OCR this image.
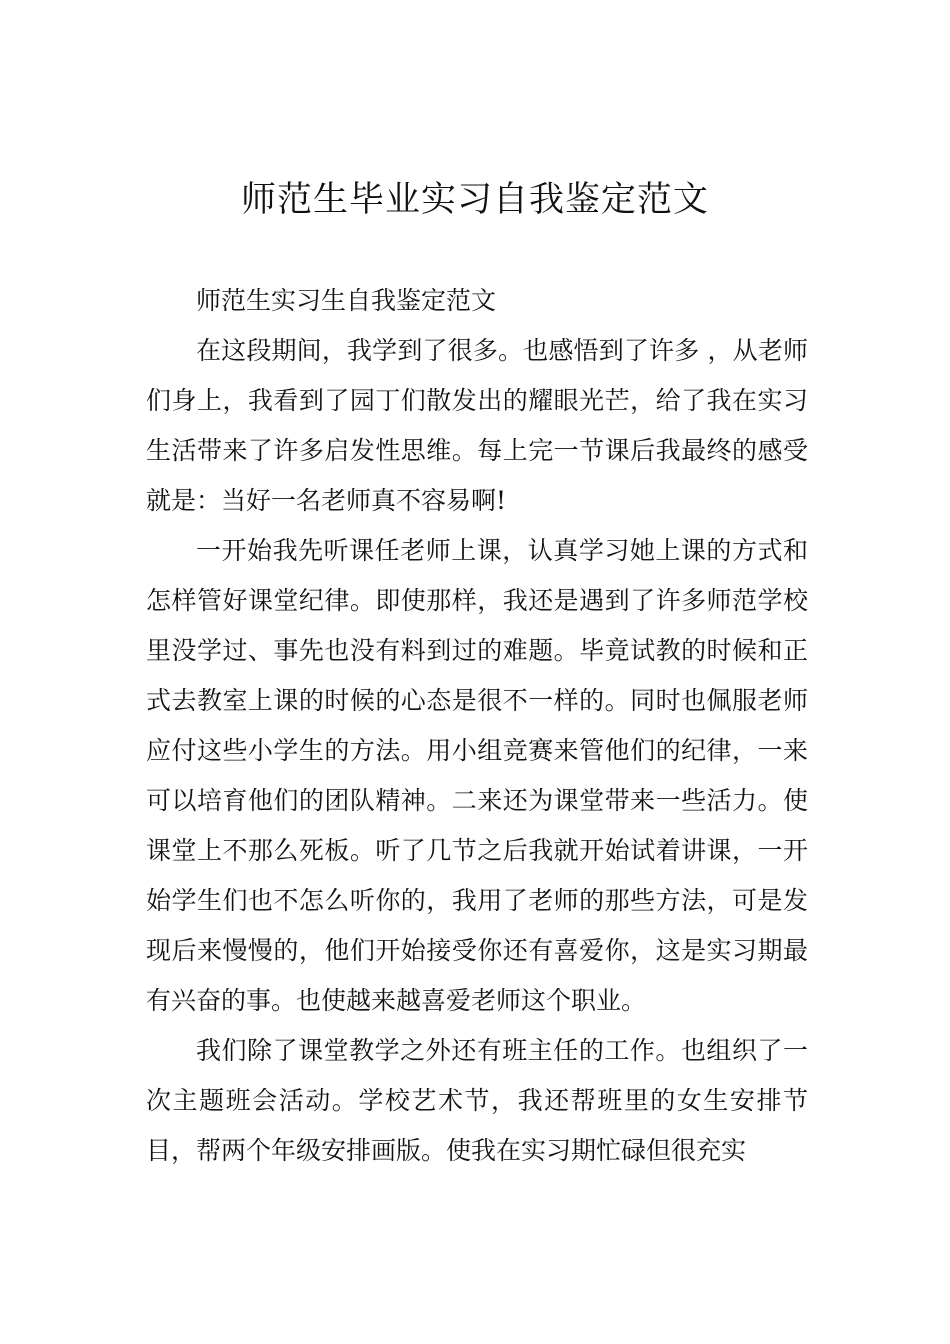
师范生毕业实习自我鉴定范文

师范生实习生自我鉴定范文

在这段期间，我学到了很多。也感悟到了许多 ，从老师们身上，我看到了园丁们散发出的耀眼光芒，给了我在实习生活带来了许多启发性思维。每上完一节课后我最终的感受就是：当好一名老师真不容易啊!

一开始我先听课任老师上课，认真学习她上课的方式和怎样管好课堂纪律。即使那样，我还是遇到了许多师范学校里没学过、事先也没有料到过的难题。毕竟试教的时候和正式去教室上课的时候的心态是很不一样的。同时也佩服老师应付这些小学生的方法。用小组竞赛来管他们的纪律，一来可以培育他们的团队精神。二来还为课堂带来一些活力。使课堂上不那么死板。听了几节之后我就开始试着讲课，一开始学生们也不怎么听你的，我用了老师的那些方法，可是发现后来慢慢的，他们开始接受你还有喜爱你，这是实习期最有兴奋的事。也使越来越喜爱老师这个职业。

我们除了课堂教学之外还有班主任的工作。也组织了一次主题班会活动。学校艺术节，我还帮班里的女生安排节目，帮两个年级安排画版。使我在实习期忙碌但很充实
